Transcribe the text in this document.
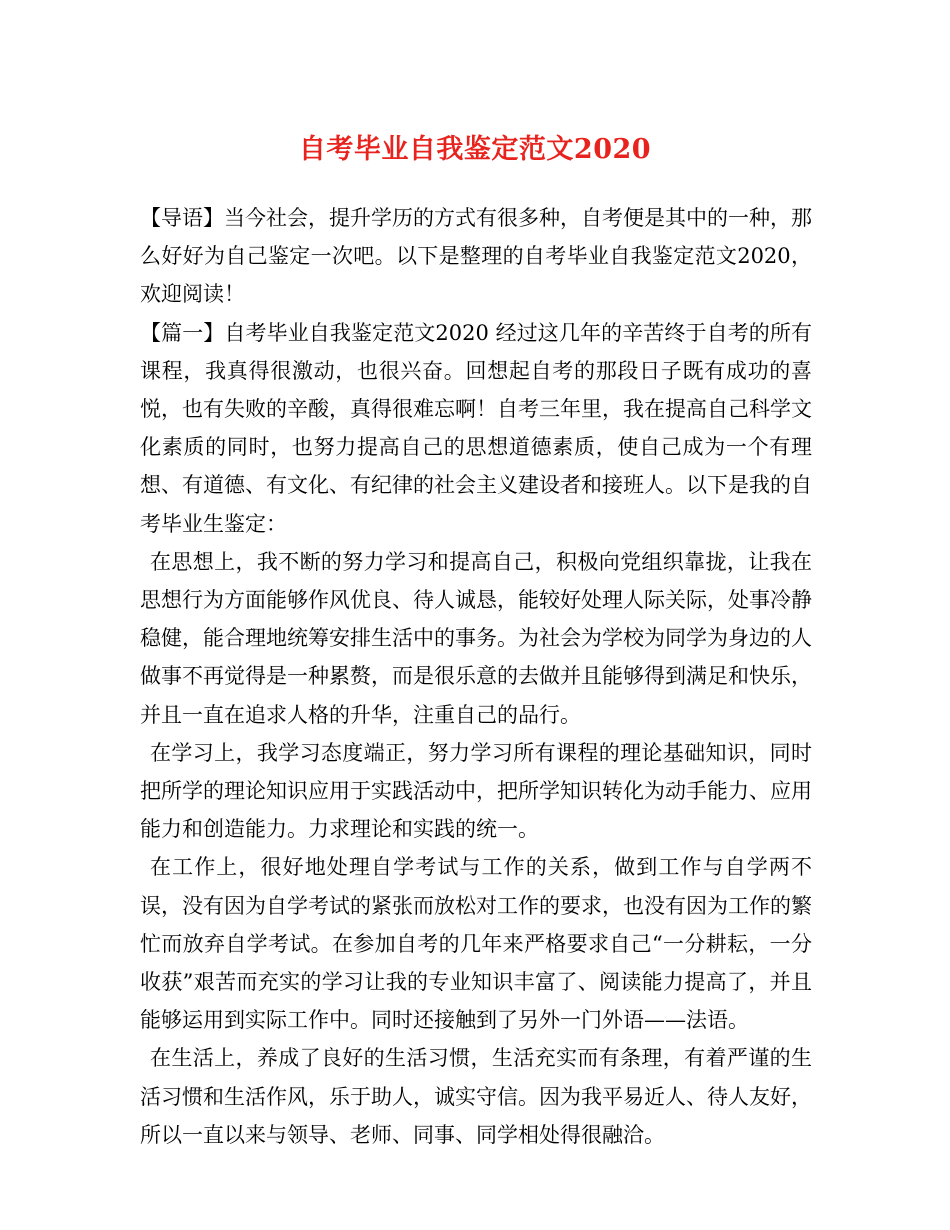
自考毕业自我鉴定范文2020

【导语】当今社会，提升学历的方式有很多种，自考便是其中的一种，那么好好为自己鉴定一次吧。以下是整理的自考毕业自我鉴定范文2020，欢迎阅读！

【篇一】自考毕业自我鉴定范文2020 经过这几年的辛苦终于自考的所有课程，我真得很激动，也很兴奋。回想起自考的那段日子既有成功的喜悦，也有失败的辛酸，真得很难忘啊！自考三年里，我在提高自己科学文化素质的同时，也努力提高自己的思想道德素质，使自己成为一个有理想、有道德、有文化、有纪律的社会主义建设者和接班人。以下是我的自考毕业生鉴定：

在思想上，我不断的努力学习和提高自己，积极向党组织靠拢，让我在思想行为方面能够作风优良、待人诚恳，能较好处理人际关际，处事冷静稳健，能合理地统筹安排生活中的事务。为社会为学校为同学为身边的人做事不再觉得是一种累赘，而是很乐意的去做并且能够得到满足和快乐，并且一直在追求人格的升华，注重自己的品行。

在学习上，我学习态度端正，努力学习所有课程的理论基础知识，同时把所学的理论知识应用于实践活动中，把所学知识转化为动手能力、应用能力和创造能力。力求理论和实践的统一。

在工作上，很好地处理自学考试与工作的关系，做到工作与自学两不误，没有因为自学考试的紧张而放松对工作的要求，也没有因为工作的繁忙而放弃自学考试。在参加自考的几年来严格要求自己“一分耕耘，一分收获”艰苦而充实的学习让我的专业知识丰富了、阅读能力提高了，并且能够运用到实际工作中。同时还接触到了另外一门外语——法语。

在生活上，养成了良好的生活习惯，生活充实而有条理，有着严谨的生活习惯和生活作风，乐于助人，诚实守信。因为我平易近人、待人友好，所以一直以来与领导、老师、同事、同学相处得很融洽。
